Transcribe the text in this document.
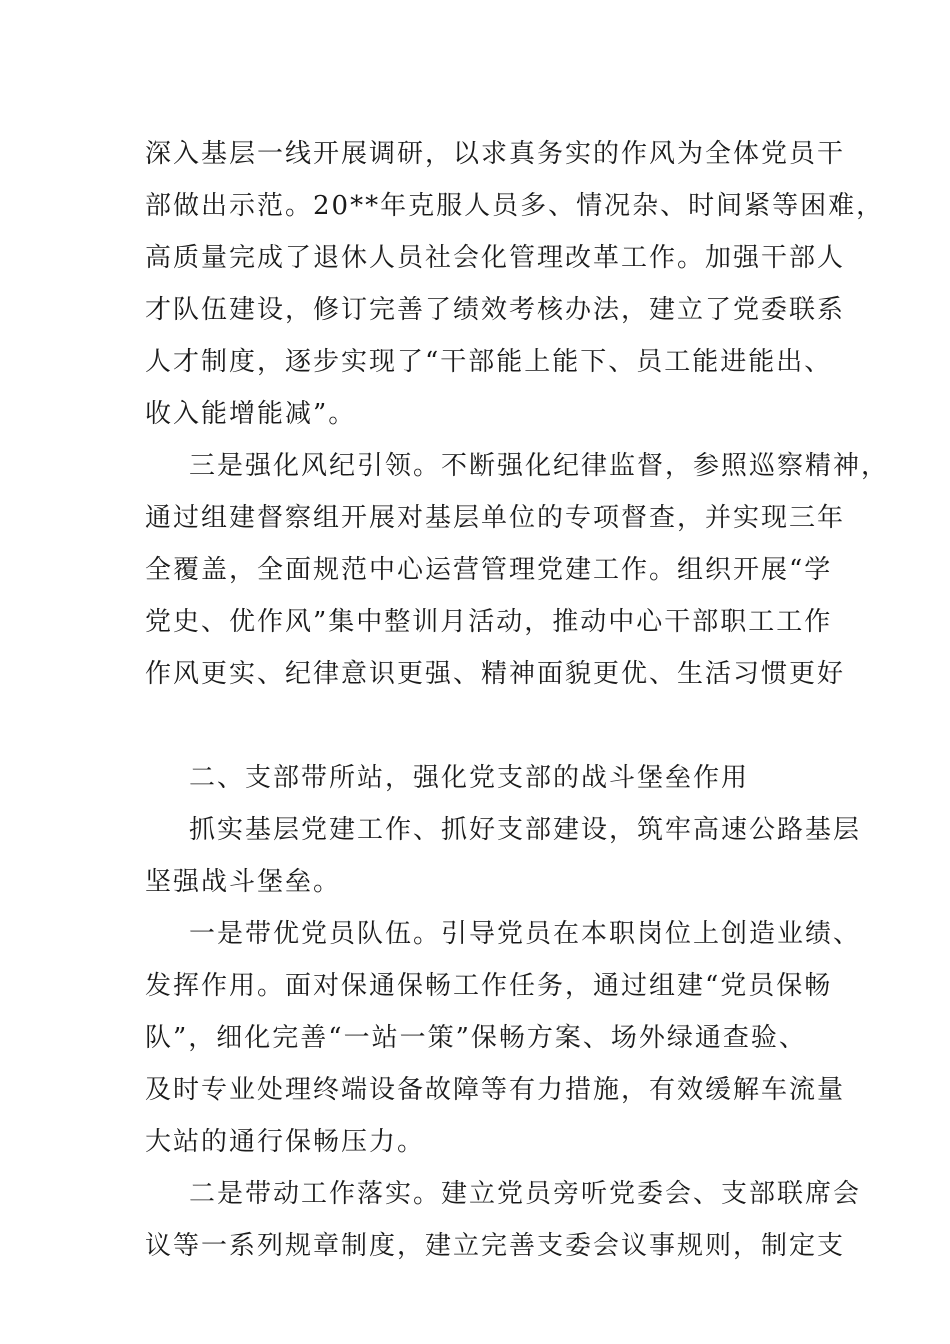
深入基层一线开展调研，以求真务实的作风为全体党员干
部做出示范。20**年克服人员多、情况杂、时间紧等困难，
高质量完成了退休人员社会化管理改革工作。加强干部人
才队伍建设，修订完善了绩效考核办法，建立了党委联系
人才制度，逐步实现了“干部能上能下、员工能进能出、
收入能增能减”。
三是强化风纪引领。不断强化纪律监督，参照巡察精神，
通过组建督察组开展对基层单位的专项督查，并实现三年
全覆盖，全面规范中心运营管理党建工作。组织开展“学
党史、优作风”集中整训月活动，推动中心干部职工工作
作风更实、纪律意识更强、精神面貌更优、生活习惯更好
二、支部带所站，强化党支部的战斗堡垒作用
抓实基层党建工作、抓好支部建设，筑牢高速公路基层
坚强战斗堡垒。
一是带优党员队伍。引导党员在本职岗位上创造业绩、
发挥作用。面对保通保畅工作任务，通过组建“党员保畅
队”，细化完善“一站一策”保畅方案、场外绿通查验、
及时专业处理终端设备故障等有力措施，有效缓解车流量
大站的通行保畅压力。
二是带动工作落实。建立党员旁听党委会、支部联席会
议等一系列规章制度，建立完善支委会议事规则，制定支
